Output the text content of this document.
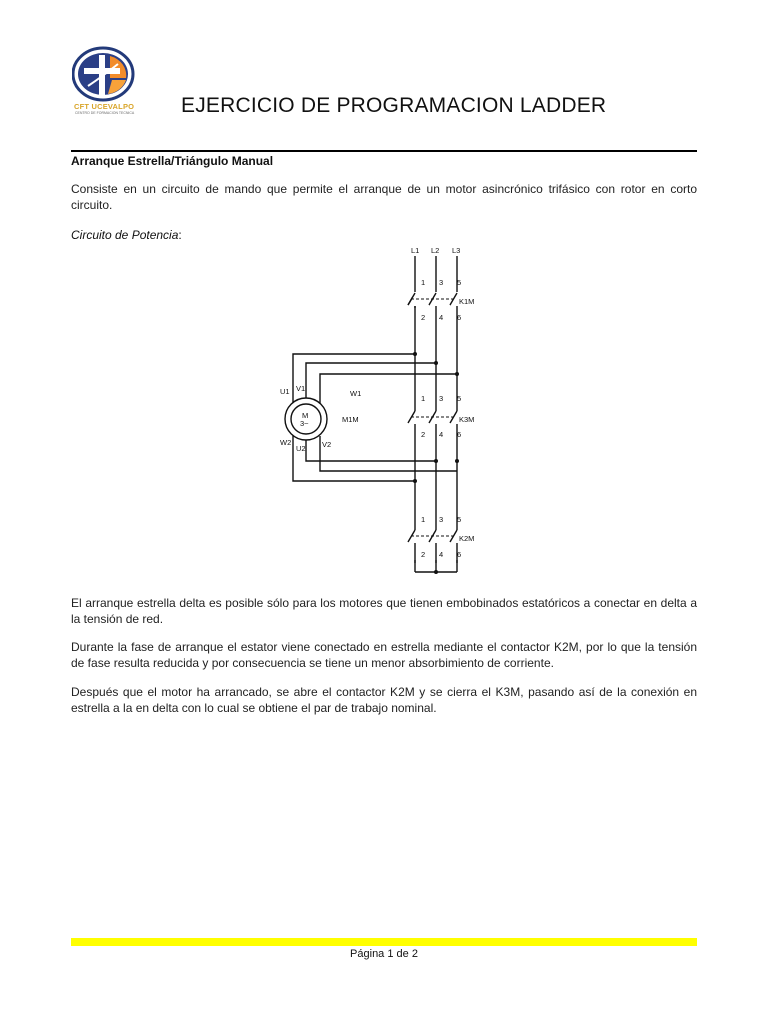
CFT UCEVALPO
CENTRO DE FORMACION TECNICA EJERCICIO DE PROGRAMACION LADDER
Arranque Estrella/Triángulo Manual
Consiste en un circuito de mando que permite el arranque de un motor asincrónico trifásico con rotor en corto circuito.
Circuito de Potencia:
M
3~
L1 L2 L3
1 3 5
K1M
2 4 6
1 3 5
K3M
2 4 6
1 3 5
K2M
2 4 6
U1 V1
W1
W2
U2 V2
M1M
El arranque estrella delta es posible sólo para los motores que tienen embobinados estatóricos a conectar en delta a la tensión de red.
Durante la fase de arranque el estator viene conectado en estrella mediante el contactor K2M, por lo que la tensión de fase resulta reducida y por consecuencia se tiene un menor absorbimiento de corriente.
Después que el motor ha arrancado, se abre el contactor K2M y se cierra el K3M, pasando así de la conexión en estrella a la en delta con lo cual se obtiene el par de trabajo nominal.
Página 1 de 2
